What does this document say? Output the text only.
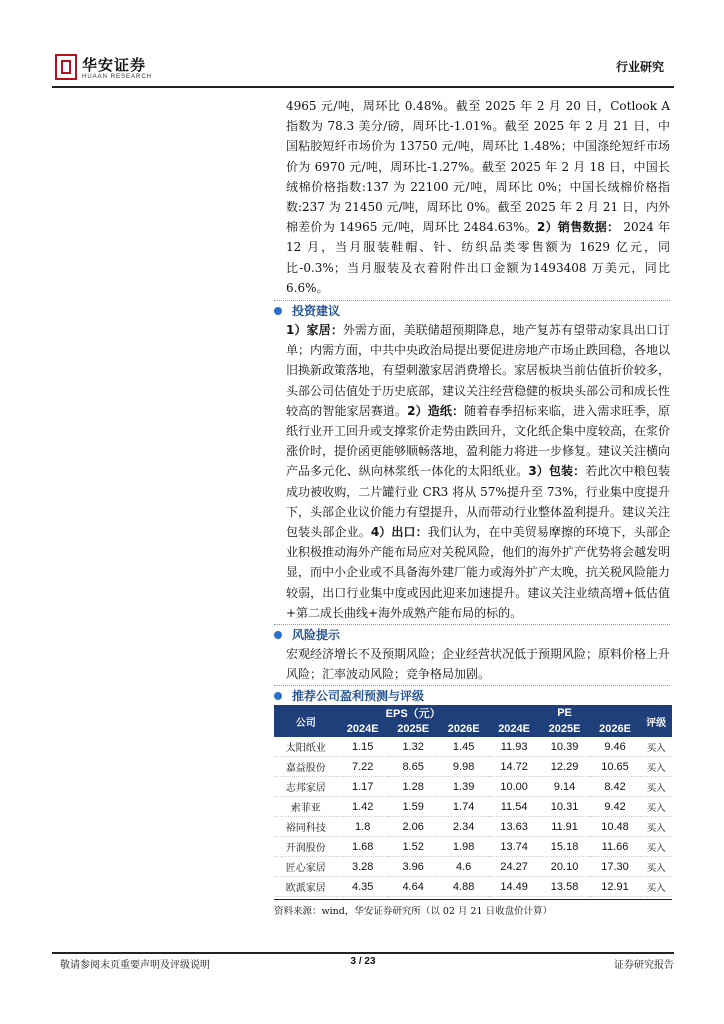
华安证券
HUAAN RESEARCH
行业研究

4965 元/吨，周环比 0.48%。截至 2025 年 2 月 20 日，Cotlook A 指数为 78.3 美分/磅，周环比-1.01%。截至 2025 年 2 月 21 日，中国粘胶短纤市场价为 13750 元/吨，周环比 1.48%；中国涤纶短纤市场价为 6970 元/吨，周环比-1.27%。截至 2025 年 2 月 18 日，中国长绒棉价格指数:137 为 22100 元/吨，周环比 0%；中国长绒棉价格指数:237 为 21450 元/吨，周环比 0%。截至 2025 年 2 月 21 日，内外棉差价为 14965 元/吨，周环比 2484.63%。2）销售数据： 2024 年 12 月，当月服装鞋帽、针、纺织品类零售额为 1629 亿元，同比-0.3%；当月服装及衣着附件出口金额为1493408 万美元，同比6.6%。

投资建议

1）家居：外需方面，美联储超预期降息，地产复苏有望带动家具出口订单；内需方面，中共中央政治局提出要促进房地产市场止跌回稳，各地以旧换新政策落地，有望刺激家居消费增长。家居板块当前估值折价较多，头部公司估值处于历史底部，建议关注经营稳健的板块头部公司和成长性较高的智能家居赛道。2）造纸：随着春季招标来临，进入需求旺季，原纸行业开工回升或支撑浆价走势由跌回升，文化纸企集中度较高，在浆价涨价时，提价函更能够顺畅落地，盈利能力将进一步修复。建议关注横向产品多元化、纵向林浆纸一体化的太阳纸业。3）包装：若此次中粮包装成功被收购，二片罐行业 CR3 将从 57%提升至 73%，行业集中度提升下，头部企业议价能力有望提升，从而带动行业整体盈利提升。建议关注包装头部企业。4）出口：我们认为，在中美贸易摩擦的环境下，头部企业积极推动海外产能布局应对关税风险，他们的海外扩产优势将会越发明显，而中小企业或不具备海外建厂能力或海外扩产太晚，抗关税风险能力较弱，出口行业集中度或因此迎来加速提升。建议关注业绩高增+低估值+第二成长曲线+海外成熟产能布局的标的。

风险提示

宏观经济增长不及预期风险；企业经营状况低于预期风险；原料价格上升风险；汇率波动风险；竞争格局加剧。

推荐公司盈利预测与评级
公司	EPS（元）			PE			评级
	2024E	2025E	2026E	2024E	2025E	2026E	
太阳纸业	1.15	1.32	1.45	11.93	10.39	9.46	买入
嘉益股份	7.22	8.65	9.98	14.72	12.29	10.65	买入
志邦家居	1.17	1.28	1.39	10.00	9.14	8.42	买入
索菲亚	1.42	1.59	1.74	11.54	10.31	9.42	买入
裕同科技	1.8	2.06	2.34	13.63	11.91	10.48	买入
开润股份	1.68	1.52	1.98	13.74	15.18	11.66	买入
匠心家居	3.28	3.96	4.6	24.27	20.10	17.30	买入
欧派家居	4.35	4.64	4.88	14.49	13.58	12.91	买入
资料来源：wind，华安证券研究所（以 02 月 21 日收盘价计算）
敬请参阅末页重要声明及评级说明	3 / 23	证券研究报告
